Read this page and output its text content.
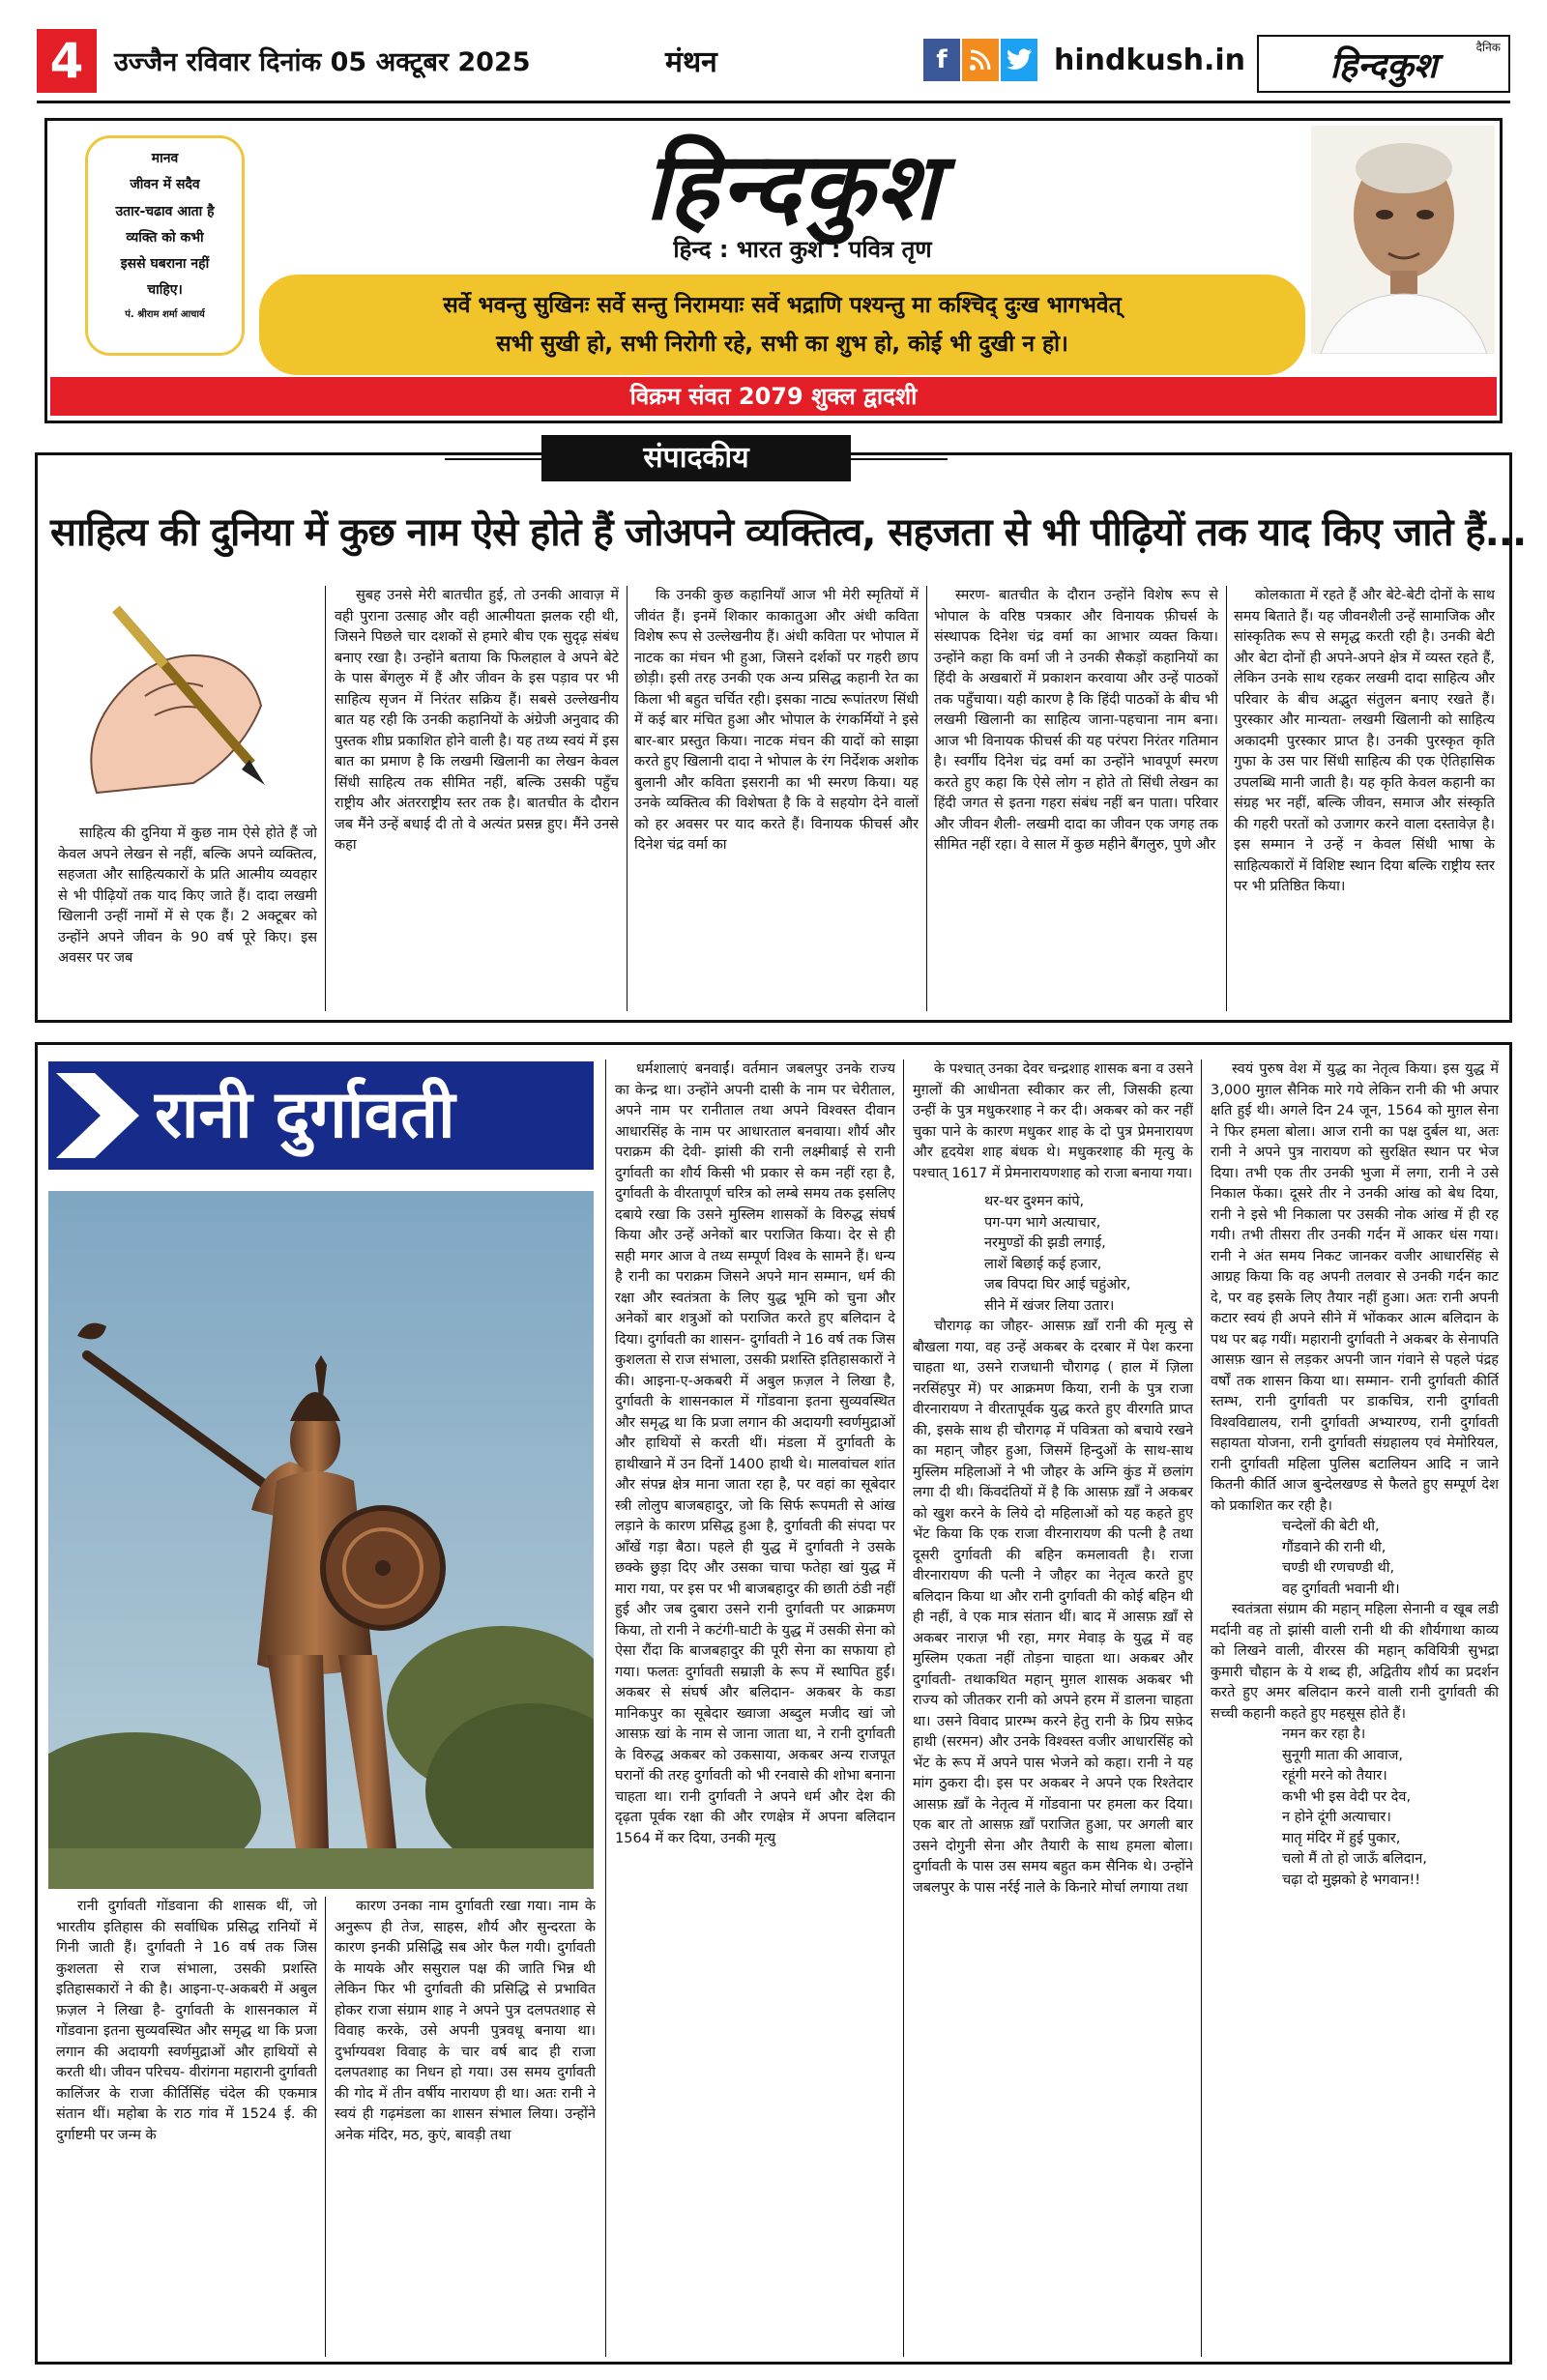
4	उज्जैन रविवार दिनांक 05 अक्टूबर 2025	मंथन	f	hindkush.in हिन्दकुश	दैनिक
मानव
जीवन में सदैव
उतार-चढाव आता है
व्यक्ति को कभी
इससे घबराना नहीं
चाहिए।
पं. श्रीराम शर्मा आचार्य
हिन्दकुश
हिन्द : भारत कुश : पवित्र तृण
सर्वे भवन्तु सुखिनः सर्वे सन्तु निरामयाः सर्वे भद्राणि पश्यन्तु मा कश्चिद् दुःख भागभवेत्
सभी सुखी हो, सभी निरोगी रहे, सभी का शुभ हो, कोई भी दुखी न हो।
विक्रम संवत 2079 शुक्ल द्वादशी
संपादकीय
साहित्य की दुनिया में कुछ नाम ऐसे होते हैं जोअपने व्यक्तित्व, सहजता से भी पीढ़ियों तक याद किए जाते हैं...

साहित्य की दुनिया में कुछ नाम ऐसे होते हैं जो केवल अपने लेखन से नहीं, बल्कि अपने व्यक्तित्व, सहजता और साहित्यकारों के प्रति आत्मीय व्यवहार से भी पीढ़ियों तक याद किए जाते हैं। दादा लखमी खिलानी उन्हीं नामों में से एक हैं। 2 अक्टूबर को उन्होंने अपने जीवन के 90 वर्ष पूरे किए। इस अवसर पर जब

सुबह उनसे मेरी बातचीत हुई, तो उनकी आवाज़ में वही पुराना उत्साह और वही आत्मीयता झलक रही थी, जिसने पिछले चार दशकों से हमारे बीच एक सुदृढ़ संबंध बनाए रखा है। उन्होंने बताया कि फिलहाल वे अपने बेटे के पास बेंगलुरु में हैं और जीवन के इस पड़ाव पर भी साहित्य सृजन में निरंतर सक्रिय हैं। सबसे उल्लेखनीय बात यह रही कि उनकी कहानियों के अंग्रेजी अनुवाद की पुस्तक शीघ्र प्रकाशित होने वाली है। यह तथ्य स्वयं में इस बात का प्रमाण है कि लखमी खिलानी का लेखन केवल सिंधी साहित्य तक सीमित नहीं, बल्कि उसकी पहुँच राष्ट्रीय और अंतरराष्ट्रीय स्तर तक है। बातचीत के दौरान जब मैंने उन्हें बधाई दी तो वे अत्यंत प्रसन्न हुए। मैंने उनसे कहा

कि उनकी कुछ कहानियाँ आज भी मेरी स्मृतियों में जीवंत हैं। इनमें शिकार काकातुआ और अंधी कविता विशेष रूप से उल्लेखनीय हैं। अंधी कविता पर भोपाल में नाटक का मंचन भी हुआ, जिसने दर्शकों पर गहरी छाप छोड़ी। इसी तरह उनकी एक अन्य प्रसिद्ध कहानी रेत का किला भी बहुत चर्चित रही। इसका नाट्य रूपांतरण सिंधी में कई बार मंचित हुआ और भोपाल के रंगकर्मियों ने इसे बार-बार प्रस्तुत किया। नाटक मंचन की यादों को साझा करते हुए खिलानी दादा ने भोपाल के रंग निर्देशक अशोक बुलानी और कविता इसरानी का भी स्मरण किया। यह उनके व्यक्तित्व की विशेषता है कि वे सहयोग देने वालों को हर अवसर पर याद करते हैं। विनायक फीचर्स और दिनेश चंद्र वर्मा का

स्मरण- बातचीत के दौरान उन्होंने विशेष रूप से भोपाल के वरिष्ठ पत्रकार और विनायक फ़ीचर्स के संस्थापक दिनेश चंद्र वर्मा का आभार व्यक्त किया। उन्होंने कहा कि वर्मा जी ने उनकी सैकड़ों कहानियों का हिंदी के अखबारों में प्रकाशन करवाया और उन्हें पाठकों तक पहुँचाया। यही कारण है कि हिंदी पाठकों के बीच भी लखमी खिलानी का साहित्य जाना-पहचाना नाम बना। आज भी विनायक फीचर्स की यह परंपरा निरंतर गतिमान है। स्वर्गीय दिनेश चंद्र वर्मा का उन्होंने भावपूर्ण स्मरण करते हुए कहा कि ऐसे लोग न होते तो सिंधी लेखन का हिंदी जगत से इतना गहरा संबंध नहीं बन पाता। परिवार और जीवन शैली- लखमी दादा का जीवन एक जगह तक सीमित नहीं रहा। वे साल में कुछ महीने बैंगलुरु, पुणे और

कोलकाता में रहते हैं और बेटे-बेटी दोनों के साथ समय बिताते हैं। यह जीवनशैली उन्हें सामाजिक और सांस्कृतिक रूप से समृद्ध करती रही है। उनकी बेटी और बेटा दोनों ही अपने-अपने क्षेत्र में व्यस्त रहते हैं, लेकिन उनके साथ रहकर लखमी दादा साहित्य और परिवार के बीच अद्भुत संतुलन बनाए रखते हैं। पुरस्कार और मान्यता- लखमी खिलानी को साहित्य अकादमी पुरस्कार प्राप्त है। उनकी पुरस्कृत कृति गुफा के उस पार सिंधी साहित्य की एक ऐतिहासिक उपलब्धि मानी जाती है। यह कृति केवल कहानी का संग्रह भर नहीं, बल्कि जीवन, समाज और संस्कृति की गहरी परतों को उजागर करने वाला दस्तावेज़ है। इस सम्मान ने उन्हें न केवल सिंधी भाषा के साहित्यकारों में विशिष्ट स्थान दिया बल्कि राष्ट्रीय स्तर पर भी प्रतिष्ठित किया।

रानी दुर्गावती

रानी दुर्गावती गोंडवाना की शासक थीं, जो भारतीय इतिहास की सर्वाधिक प्रसिद्ध रानियों में गिनी जाती हैं। दुर्गावती ने 16 वर्ष तक जिस कुशलता से राज संभाला, उसकी प्रशस्ति इतिहासकारों ने की है। आइना-ए-अकबरी में अबुल फ़ज़ल ने लिखा है- दुर्गावती के शासनकाल में गोंडवाना इतना सुव्यवस्थित और समृद्ध था कि प्रजा लगान की अदायगी स्वर्णमुद्राओं और हाथियों से करती थी। जीवन परिचय- वीरांगना महारानी दुर्गावती कालिंजर के राजा कीर्तिसिंह चंदेल की एकमात्र संतान थीं। महोबा के राठ गांव में 1524 ई. की दुर्गाष्टमी पर जन्म के

कारण उनका नाम दुर्गावती रखा गया। नाम के अनुरूप ही तेज, साहस, शौर्य और सुन्दरता के कारण इनकी प्रसिद्धि सब ओर फैल गयी। दुर्गावती के मायके और ससुराल पक्ष की जाति भिन्न थी लेकिन फिर भी दुर्गावती की प्रसिद्धि से प्रभावित होकर राजा संग्राम शाह ने अपने पुत्र दलपतशाह से विवाह करके, उसे अपनी पुत्रवधू बनाया था। दुर्भाग्यवश विवाह के चार वर्ष बाद ही राजा दलपतशाह का निधन हो गया। उस समय दुर्गावती की गोद में तीन वर्षीय नारायण ही था। अतः रानी ने स्वयं ही गढ़मंडला का शासन संभाल लिया। उन्होंने अनेक मंदिर, मठ, कुएं, बावड़ी तथा

धर्मशालाएं बनवाईं। वर्तमान जबलपुर उनके राज्य का केन्द्र था। उन्होंने अपनी दासी के नाम पर चेरीताल, अपने नाम पर रानीताल तथा अपने विश्वस्त दीवान आधारसिंह के नाम पर आधारताल बनवाया। शौर्य और पराक्रम की देवी- झांसी की रानी लक्ष्मीबाई से रानी दुर्गावती का शौर्य किसी भी प्रकार से कम नहीं रहा है, दुर्गावती के वीरतापूर्ण चरित्र को लम्बे समय तक इसलिए दबाये रखा कि उसने मुस्लिम शासकों के विरुद्ध संघर्ष किया और उन्हें अनेकों बार पराजित किया। देर से ही सही मगर आज वे तथ्य सम्पूर्ण विश्व के सामने हैं। धन्य है रानी का पराक्रम जिसने अपने मान सम्मान, धर्म की रक्षा और स्वतंत्रता के लिए युद्ध भूमि को चुना और अनेकों बार शत्रुओं को पराजित करते हुए बलिदान दे दिया। दुर्गावती का शासन- दुर्गावती ने 16 वर्ष तक जिस कुशलता से राज संभाला, उसकी प्रशस्ति इतिहासकारों ने की। आइना-ए-अकबरी में अबुल फ़ज़ल ने लिखा है, दुर्गावती के शासनकाल में गोंडवाना इतना सुव्यवस्थित और समृद्ध था कि प्रजा लगान की अदायगी स्वर्णमुद्राओं और हाथियों से करती थीं। मंडला में दुर्गावती के हाथीखाने में उन दिनों 1400 हाथी थे। मालवांचल शांत और संपन्न क्षेत्र माना जाता रहा है, पर वहां का सूबेदार स्त्री लोलुप बाजबहादुर, जो कि सिर्फ रूपमती से आंख लड़ाने के कारण प्रसिद्ध हुआ है, दुर्गावती की संपदा पर आँखें गड़ा बैठा। पहले ही युद्ध में दुर्गावती ने उसके छक्के छुड़ा दिए और उसका चाचा फतेहा खां युद्ध में मारा गया, पर इस पर भी बाजबहादुर की छाती ठंडी नहीं हुई और जब दुबारा उसने रानी दुर्गावती पर आक्रमण किया, तो रानी ने कटंगी-घाटी के युद्ध में उसकी सेना को ऐसा रौंदा कि बाजबहादुर की पूरी सेना का सफाया हो गया। फलतः दुर्गावती सम्राज्ञी के रूप में स्थापित हुईं। अकबर से संघर्ष और बलिदान- अकबर के कडा मानिकपुर का सूबेदार ख्वाजा अब्दुल मजीद खां जो आसफ़ खां के नाम से जाना जाता था, ने रानी दुर्गावती के विरुद्ध अकबर को उकसाया, अकबर अन्य राजपूत घरानों की तरह दुर्गावती को भी रनवासे की शोभा बनाना चाहता था। रानी दुर्गावती ने अपने धर्म और देश की दृढ़ता पूर्वक रक्षा की और रणक्षेत्र में अपना बलिदान 1564 में कर दिया, उनकी मृत्यु

के पश्चात् उनका देवर चन्द्रशाह शासक बना व उसने मुग़लों की आधीनता स्वीकार कर ली, जिसकी हत्या उन्हीं के पुत्र मधुकरशाह ने कर दी। अकबर को कर नहीं चुका पाने के कारण मधुकर शाह के दो पुत्र प्रेमनारायण और हृदयेश शाह बंधक थे। मधुकरशाह की मृत्यु के पश्चात् 1617 में प्रेमनारायणशाह को राजा बनाया गया।

थर-थर दुश्मन कांपे,

पग-पग भागे अत्याचार,

नरमुण्डों की झडी लगाई,

लाशें बिछाई कई हजार,

जब विपदा घिर आई चहुंओर,

सीने में खंजर लिया उतार।

चौरागढ़ का जौहर- आसफ़ ख़ाँ रानी की मृत्यु से बौखला गया, वह उन्हें अकबर के दरबार में पेश करना चाहता था, उसने राजधानी चौरागढ़ ( हाल में ज़िला नरसिंहपुर में) पर आक्रमण किया, रानी के पुत्र राजा वीरनारायण ने वीरतापूर्वक युद्ध करते हुए वीरगति प्राप्त की, इसके साथ ही चौरागढ़ में पवित्रता को बचाये रखने का महान् जौहर हुआ, जिसमें हिन्दुओं के साथ-साथ मुस्लिम महिलाओं ने भी जौहर के अग्नि कुंड में छलांग लगा दी थी। किंवदंतियों में है कि आसफ़ ख़ाँ ने अकबर को खुश करने के लिये दो महिलाओं को यह कहते हुए भेंट किया कि एक राजा वीरनारायण की पत्नी है तथा दूसरी दुर्गावती की बहिन कमलावती है। राजा वीरनारायण की पत्नी ने जौहर का नेतृत्व करते हुए बलिदान किया था और रानी दुर्गावती की कोई बहिन थी ही नहीं, वे एक मात्र संतान थीं। बाद में आसफ़ ख़ाँ से अकबर नाराज़ भी रहा, मगर मेवाड़ के युद्ध में वह मुस्लिम एकता नहीं तोड़ना चाहता था। अकबर और दुर्गावती- तथाकथित महान् मुग़ल शासक अकबर भी राज्य को जीतकर रानी को अपने हरम में डालना चाहता था। उसने विवाद प्रारम्भ करने हेतु रानी के प्रिय सफ़ेद हाथी (सरमन) और उनके विश्वस्त वजीर आधारसिंह को भेंट के रूप में अपने पास भेजने को कहा। रानी ने यह मांग ठुकरा दी। इस पर अकबर ने अपने एक रिश्तेदार आसफ़ ख़ाँ के नेतृत्व में गोंडवाना पर हमला कर दिया। एक बार तो आसफ़ ख़ाँ पराजित हुआ, पर अगली बार उसने दोगुनी सेना और तैयारी के साथ हमला बोला। दुर्गावती के पास उस समय बहुत कम सैनिक थे। उन्होंने जबलपुर के पास नर्रई नाले के किनारे मोर्चा लगाया तथा

स्वयं पुरुष वेश में युद्ध का नेतृत्व किया। इस युद्ध में 3,000 मुग़ल सैनिक मारे गये लेकिन रानी की भी अपार क्षति हुई थी। अगले दिन 24 जून, 1564 को मुग़ल सेना ने फिर हमला बोला। आज रानी का पक्ष दुर्बल था, अतः रानी ने अपने पुत्र नारायण को सुरक्षित स्थान पर भेज दिया। तभी एक तीर उनकी भुजा में लगा, रानी ने उसे निकाल फेंका। दूसरे तीर ने उनकी आंख को बेध दिया, रानी ने इसे भी निकाला पर उसकी नोक आंख में ही रह गयी। तभी तीसरा तीर उनकी गर्दन में आकर धंस गया। रानी ने अंत समय निकट जानकर वजीर आधारसिंह से आग्रह किया कि वह अपनी तलवार से उनकी गर्दन काट दे, पर वह इसके लिए तैयार नहीं हुआ। अतः रानी अपनी कटार स्वयं ही अपने सीने में भोंककर आत्म बलिदान के पथ पर बढ़ गयीं। महारानी दुर्गावती ने अकबर के सेनापति आसफ़ खान से लड़कर अपनी जान गंवाने से पहले पंद्रह वर्षों तक शासन किया था। सम्मान- रानी दुर्गावती कीर्ति स्तम्भ, रानी दुर्गावती पर डाकचित्र, रानी दुर्गावती विश्वविद्यालय, रानी दुर्गावती अभ्यारण्य, रानी दुर्गावती सहायता योजना, रानी दुर्गावती संग्रहालय एवं मेमोरियल, रानी दुर्गावती महिला पुलिस बटालियन आदि न जाने कितनी कीर्ति आज बुन्देलखण्ड से फैलते हुए सम्पूर्ण देश को प्रकाशित कर रही है।

चन्देलों की बेटी थी,

गौंडवाने की रानी थी,

चण्डी थी रणचण्डी थी,

वह दुर्गावती भवानी थी।

स्वतंत्रता संग्राम की महान् महिला सेनानी व खूब लडी मर्दानी वह तो झांसी वाली रानी थी की शौर्यगाथा काव्य को लिखने वाली, वीररस की महान् कवियित्री सुभद्रा कुमारी चौहान के ये शब्द ही, अद्वितीय शौर्य का प्रदर्शन करते हुए अमर बलिदान करने वाली रानी दुर्गावती की सच्ची कहानी कहते हुए महसूस होते हैं।

नमन कर रहा है।

सुनूगी माता की आवाज,

रहूंगी मरने को तैयार।

कभी भी इस वेदी पर देव,

न होने दूंगी अत्याचार।

मातृ मंदिर में हुई पुकार,

चलो मैं तो हो जाऊँ बलिदान,

चढ़ा दो मुझको हे भगवान!!
